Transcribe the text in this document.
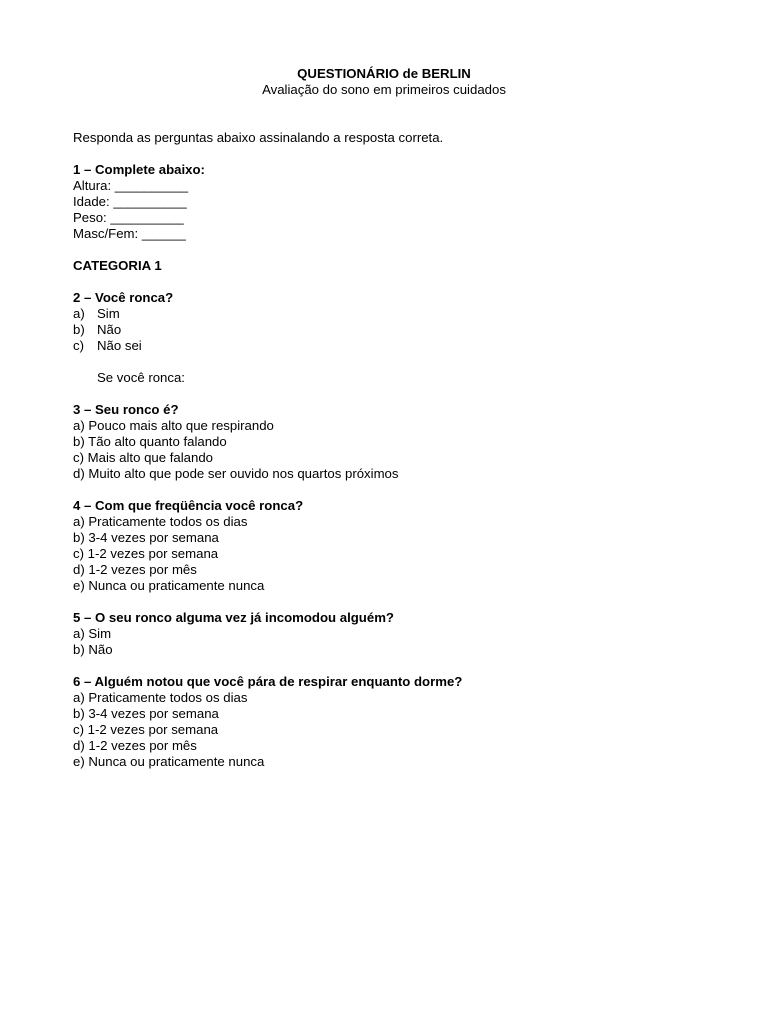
QUESTIONÁRIO de BERLIN
Avaliação do sono em primeiros cuidados
Responda as perguntas abaixo assinalando a resposta correta.
1 – Complete abaixo:
Altura: __________
Idade: __________
Peso: __________
Masc/Fem: ______
CATEGORIA 1
2 – Você ronca?
a) Sim
b) Não
c) Não sei
Se você ronca:
3 – Seu ronco é?
a) Pouco mais alto que respirando
b) Tão alto quanto falando
c) Mais alto que falando
d) Muito alto que pode ser ouvido nos quartos próximos
4 – Com que freqüência você ronca?
a) Praticamente todos os dias
b) 3-4 vezes por semana
c) 1-2 vezes por semana
d) 1-2 vezes por mês
e) Nunca ou praticamente nunca
5 – O seu ronco alguma vez já incomodou alguém?
a) Sim
b) Não
6 – Alguém notou que você pára de respirar enquanto dorme?
a) Praticamente todos os dias
b) 3-4 vezes por semana
c) 1-2 vezes por semana
d) 1-2 vezes por mês
e) Nunca ou praticamente nunca
